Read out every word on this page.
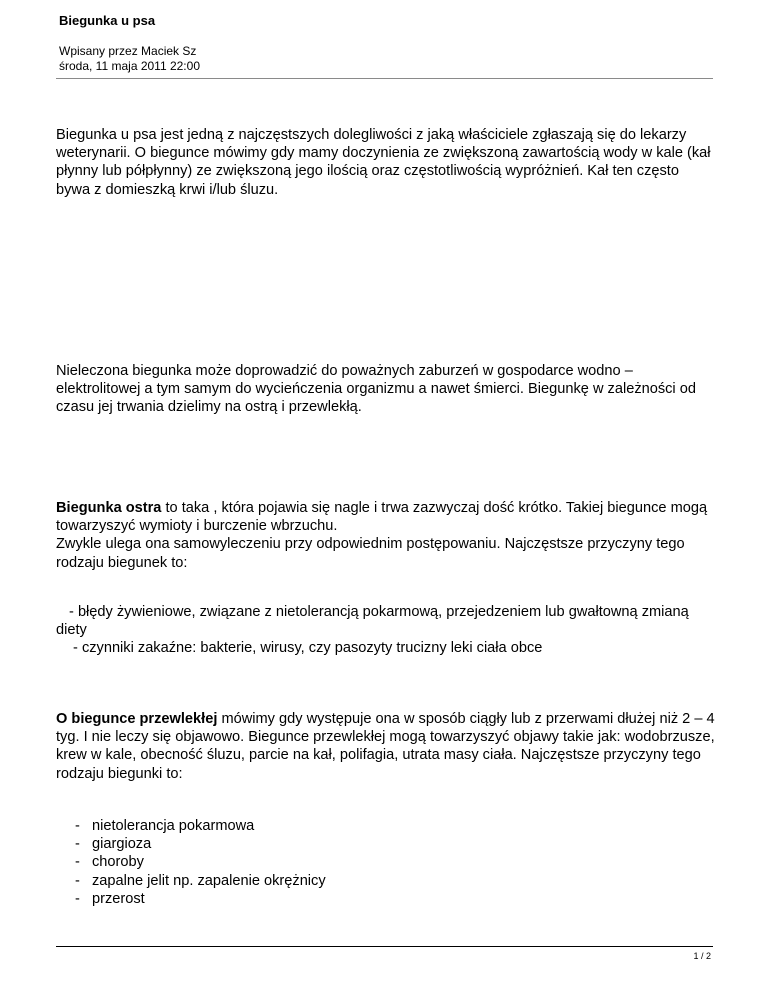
Biegunka u psa
Wpisany przez Maciek Sz
środa, 11 maja 2011 22:00

Biegunka u psa jest jedną z najczęstszych dolegliwości z jaką właściciele zgłaszają się do lekarzy weterynarii. O biegunce mówimy gdy mamy doczynienia ze zwiększoną zawartością wody w kale (kał płynny lub półpłynny) ze zwiększoną jego ilością oraz częstotliwością wypróżnień. Kał ten często bywa z domieszką krwi i/lub śluzu.

Nieleczona biegunka może doprowadzić do poważnych zaburzeń w gospodarce wodno – elektrolitowej a tym samym do wycieńczenia organizmu a nawet śmierci. Biegunkę w zależności od czasu jej trwania dzielimy na ostrą i przewlekłą.

Biegunka ostra to taka , która pojawia się nagle i trwa zazwyczaj dość krótko. Takiej biegunce mogą towarzyszyć wymioty i burczenie wbrzuchu.

Zwykle ulega ona samowyleczeniu przy odpowiednim postępowaniu. Najczęstsze przyczyny tego rodzaju biegunek to:

- błędy żywieniowe, związane z nietolerancją pokarmową, przejedzeniem lub gwałtowną zmianą diety

- czynniki zakaźne: bakterie, wirusy, czy pasozyty trucizny leki ciała obce

O biegunce przewlekłej mówimy gdy występuje ona w sposób ciągły lub z przerwami dłużej niż 2 – 4 tyg. I nie leczy się objawowo. Biegunce przewlekłej mogą towarzyszyć objawy takie jak: wodobrzusze, krew w kale, obecność śluzu, parcie na kał, polifagia, utrata masy ciała. Najczęstsze przyczyny tego rodzaju biegunki to:

- nietolerancja pokarmowa
- giargioza
- choroby
- zapalne jelit np. zapalenie okrężnicy
- przerost
1 / 2
